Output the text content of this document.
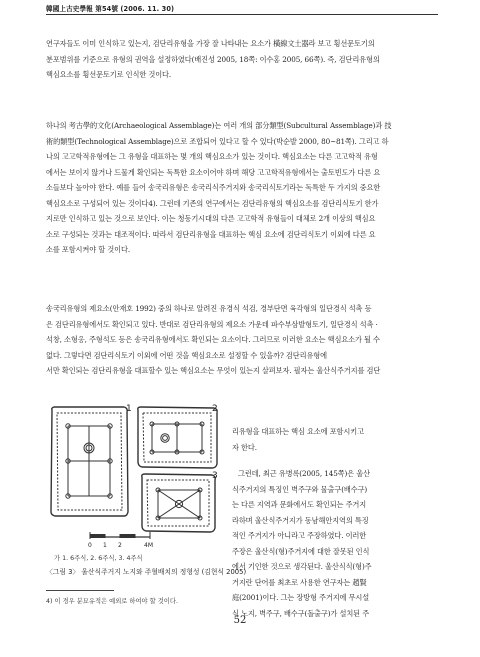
韓國上古史學報 第54號 (2006. 11. 30)
연구자들도 이미 인식하고 있는지, 검단리유형을 가장 잘 나타내는 요소가 橫線文土器라 보고 횡선문토기의
분포범위를 기준으로 유형의 권역을 설정하였다(배진성 2005, 18쪽: 이수홍 2005, 66쪽). 즉, 검단리유형의
핵심요소를 횡선문토기로 인식한 것이다.
하나의 考古學的文化(Archaeological Assemblage)는 여러 개의 部分類型(Subcultural Assemblage)과 技
術的類型(Technological Assemblage)으로 조합되어 있다고 할 수 있다(박순발 2000, 80~81쪽). 그리고 하
나의 고고학적유형에는 그 유형을 대표하는 몇 개의 핵심요소가 있는 것이다. 핵심요소는 다른 고고학적 유형
에서는 보이지 않거나 드물게 확인되는 독특한 요소이어야 하며 해당 고고학적유형에서는 출토빈도가 다른 요
소들보다 높아야 한다. 예를 들어 송국리유형은 송국리식주거지와 송국리식토기라는 독특한 두 가지의 중요한
핵심요소로 구성되어 있는 것이다4). 그런데 기존의 연구에서는 검단리유형의 핵심요소를 검단리식토기 한가
지로만 인식하고 있는 것으로 보인다. 이는 청동기시대의 다른 고고학적 유형들이 대체로 2개 이상의 핵심요
소로 구성되는 것과는 대조적이다. 따라서 검단리유형을 대표하는 핵심 요소에 검단리식토기 이외에 다른 요
소를 포함시켜야 할 것이다.
송국리유형의 제요소(안재호 1992) 중의 하나로 알려진 유경식 석검, 경부단면 육각형의 일단경식 석촉 등
은 검단리유형에서도 확인되고 있다. 반대로 검단리유형의 제요소 가운데 파수부삼발형토기, 일단경식 석촉 ·
석창, 소형옹, 주형석도 등은 송국리유형에서도 확인되는 요소이다. 그러므로 이러한 요소는 핵심요소가 될 수
없다. 그렇다면 검단리식토기 이외에 어떤 것을 핵심요소로 설정할 수 있을까? 검단리유형에
서만 확인되는 검단리유형을 대표할수 있는 핵심요소는 무엇이 있는지 살펴보자. 필자는 울산식주거지를 검단
리유형을 대표하는 핵심 요소에 포함시키고
자 한다.
그런데, 최근 유병록(2005, 145쪽)은 울산
식주거지의 특징인 벽주구와 물출구(배수구)
는 다른 지역과 문화에서도 확인되는 주거지
라하며 울산식주거지가 동남해안지역의 특징
적인 주거지가 아니라고 주장하였다. 이러한
주장은 울산식(형)주거지에 대한 잘못된 인식
에서 기인한 것으로 생각된다. 울산식식(형)주
거지란 단어를 최초로 사용한 연구자는 趙賢
庭(2001)이다. 그는 장방형 주거지에 무시설
식 노지, 벽주구, 배수구(돌출구)가 설치된 주
1	2
3
0 1 2	4M
가 1. 6주식, 2. 6주식, 3. 4주식
〈그림 3〉 울산식주거지 노지와 주혈배치의 정형성 (김현식 2005)
4) 이 경우 분묘유적은 예외로 하여야 할 것이다.
52
